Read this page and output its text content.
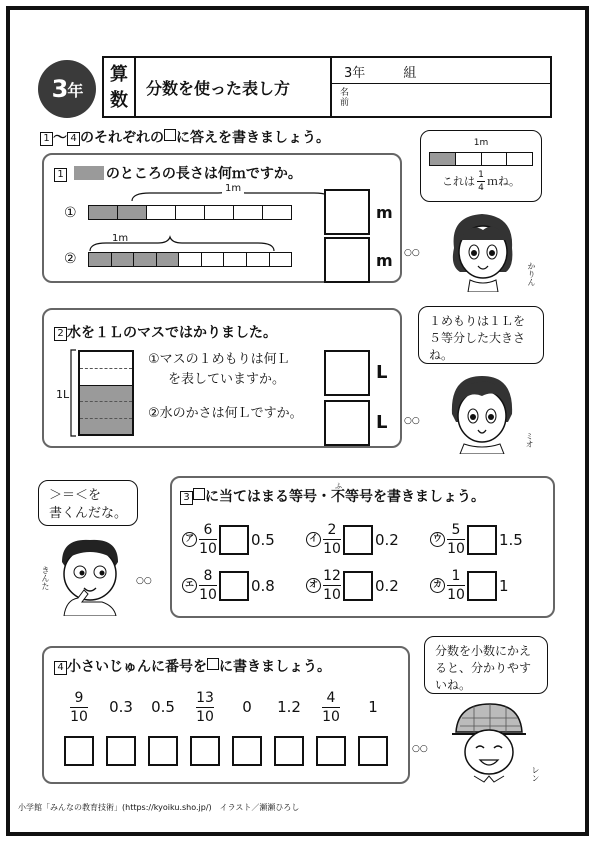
3 年
算
数
分数を使った表し方
3年	組
名
前
1 〜 4 のそれぞれの に答えを書きましょう。
1	のところの長さは何ｍですか。
1m
①
1m
②
m
m ○○
1m
これは $\frac{1}{4}$ ｍね。
かりん
2 水を１Ｌのマスではかりました。
1L
①マスの１めもりは何Ｌ
を表していますか。
②水のかさは何Ｌですか。
L
L ○○
１めもりは１Ｌを
５等分した大きさ
ね。
ミオ
＞＝＜を
書くんだな。
きんた	○○
3 に当てはまる等号・
ふ
不等号を書きましょう。
ア $\frac{6}{10} 0.5$	イ $\frac{2}{10} 0.2$	ウ $\frac{5}{10} 1.5$
エ $\frac{8}{10} 0.8$	オ $\frac{12}{10} 0.2$	カ $\frac{1}{10} 1$
4 小さいじゅんに番号を に書きましょう。
$\frac{9}{10} 0.3$ $0.5 \frac{13}{10} 0$ $1.2 \frac{4}{10} 1$
○○
分数を小数にかえ
ると、分かりやす
いね。
レン
小学館「みんなの教育技術」(https://kyoiku.sho.jp/)　イラスト／瀬瀬ひろし
